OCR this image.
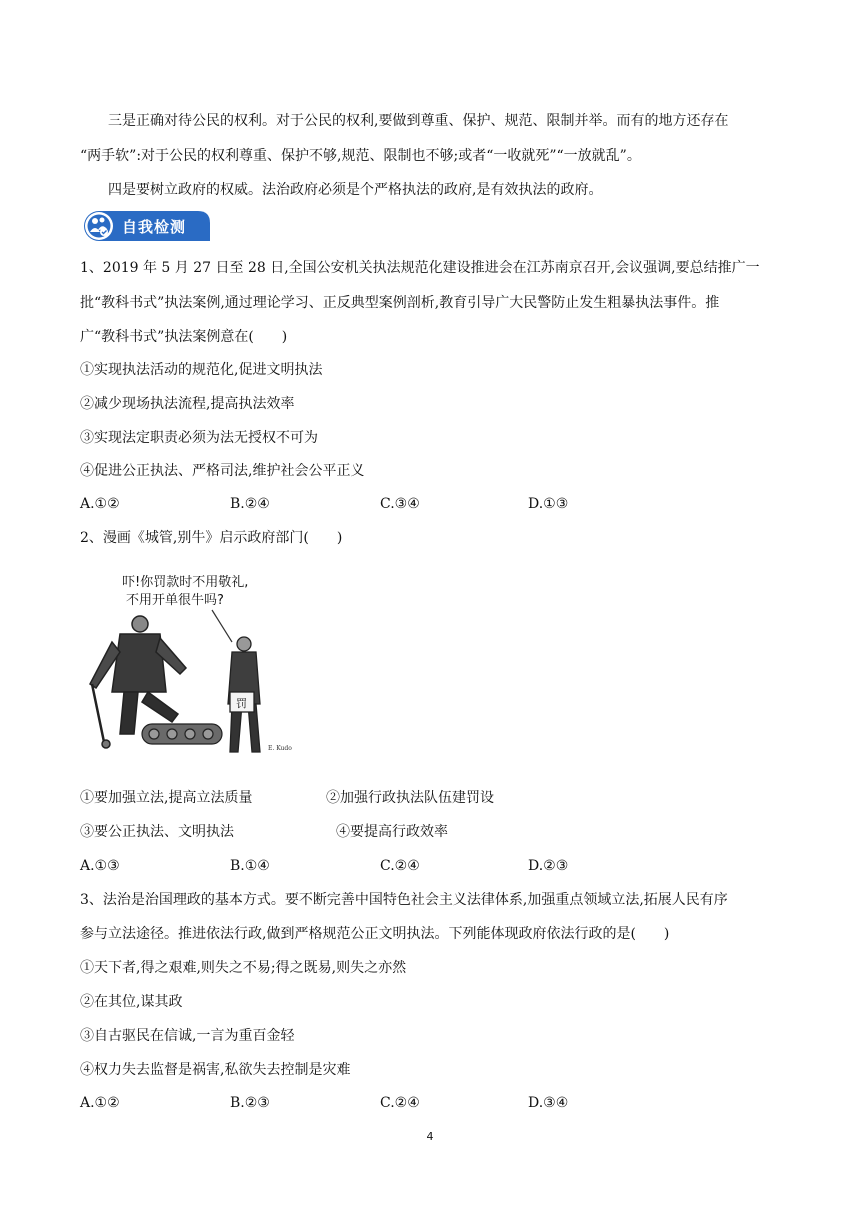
三是正确对待公民的权利。对于公民的权利,要做到尊重、保护、规范、限制并举。而有的地方还存在
“两手软”:对于公民的权利尊重、保护不够,规范、限制也不够;或者“一收就死”“一放就乱”。
四是要树立政府的权威。法治政府必须是个严格执法的政府,是有效执法的政府。
自我检测
1、2019 年 5 月 27 日至 28 日,全国公安机关执法规范化建设推进会在江苏南京召开,会议强调,要总结推广一
批“教科书式”执法案例,通过理论学习、正反典型案例剖析,教育引导广大民警防止发生粗暴执法事件。推
广“教科书式”执法案例意在(　　)
①实现执法活动的规范化,促进文明执法
②减少现场执法流程,提高执法效率
③实现法定职责必须为法无授权不可为
④促进公正执法、严格司法,维护社会公平正义
A.①②	B.②④	C.③④	D.①③
2、漫画《城管,别牛》启示政府部门(　　)
吓!你罚款时不用敬礼,
不用开单很牛吗?
罚
E. Kudo
①要加强立法,提高立法质量	②加强行政执法队伍建罚设
③要公正执法、文明执法	④要提高行政效率
A.①③	B.①④	C.②④	D.②③
3、法治是治国理政的基本方式。要不断完善中国特色社会主义法律体系,加强重点领域立法,拓展人民有序
参与立法途径。推进依法行政,做到严格规范公正文明执法。下列能体现政府依法行政的是(　　)
①天下者,得之艰难,则失之不易;得之既易,则失之亦然
②在其位,谋其政
③自古驱民在信诚,一言为重百金轻
④权力失去监督是祸害,私欲失去控制是灾难
A.①②	B.②③	C.②④	D.③④
4
